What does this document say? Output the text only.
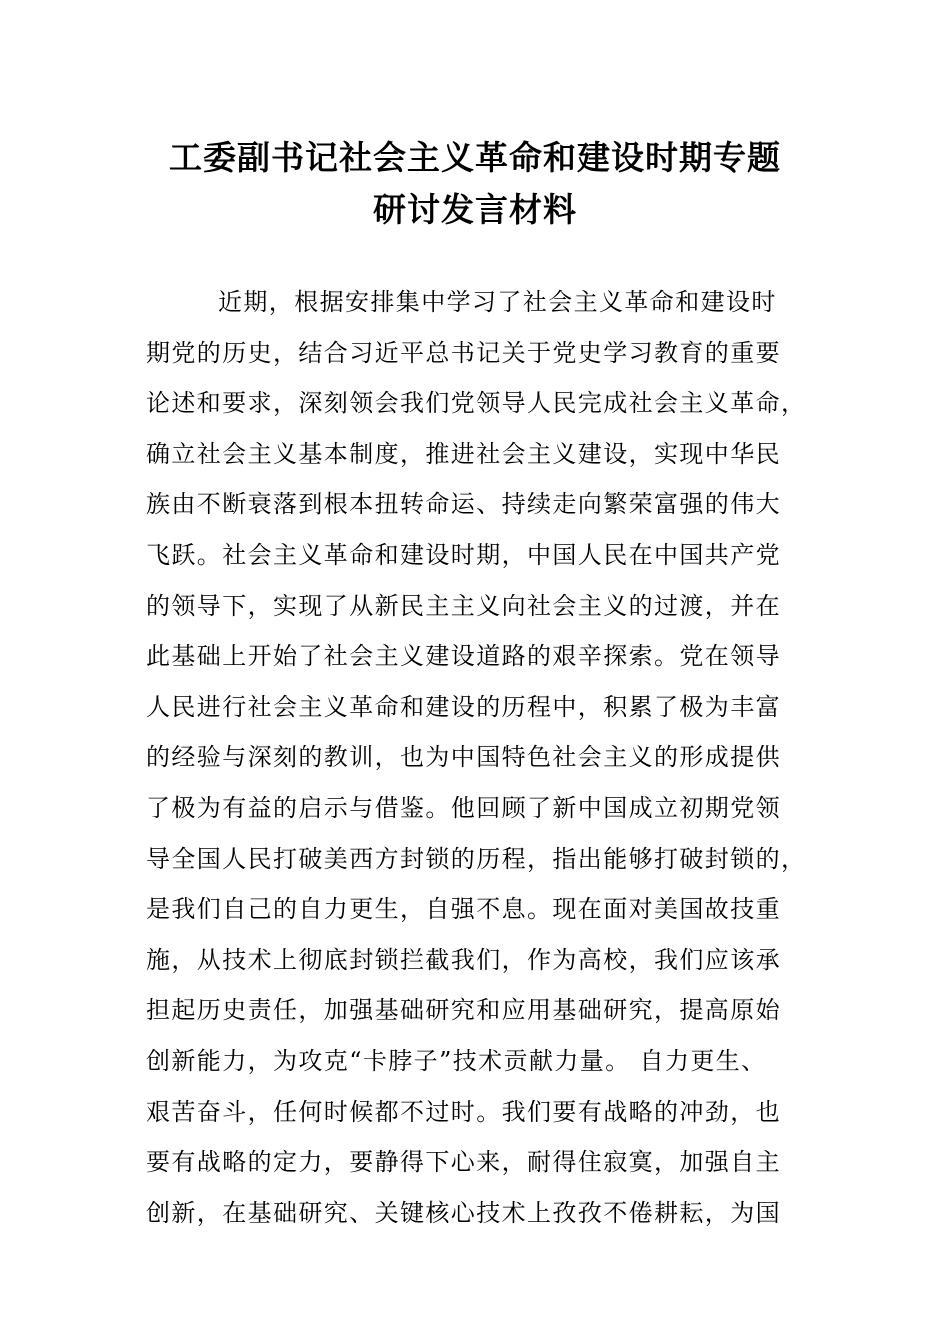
工委副书记社会主义革命和建设时期专题
研讨发言材料
近期，根据安排集中学习了社会主义革命和建设时
期党的历史，结合习近平总书记关于党史学习教育的重要
论述和要求，深刻领会我们党领导人民完成社会主义革命，
确立社会主义基本制度，推进社会主义建设，实现中华民
族由不断衰落到根本扭转命运、持续走向繁荣富强的伟大
飞跃。社会主义革命和建设时期，中国人民在中国共产党
的领导下，实现了从新民主主义向社会主义的过渡，并在
此基础上开始了社会主义建设道路的艰辛探索。党在领导
人民进行社会主义革命和建设的历程中，积累了极为丰富
的经验与深刻的教训，也为中国特色社会主义的形成提供
了极为有益的启示与借鉴。他回顾了新中国成立初期党领
导全国人民打破美西方封锁的历程，指出能够打破封锁的，
是我们自己的自力更生，自强不息。现在面对美国故技重
施，从技术上彻底封锁拦截我们，作为高校，我们应该承
担起历史责任，加强基础研究和应用基础研究，提高原始
创新能力，为攻克“卡脖子”技术贡献力量。 自力更生、
艰苦奋斗，任何时候都不过时。我们要有战略的冲劲，也
要有战略的定力，要静得下心来，耐得住寂寞，加强自主
创新，在基础研究、关键核心技术上孜孜不倦耕耘，为国
